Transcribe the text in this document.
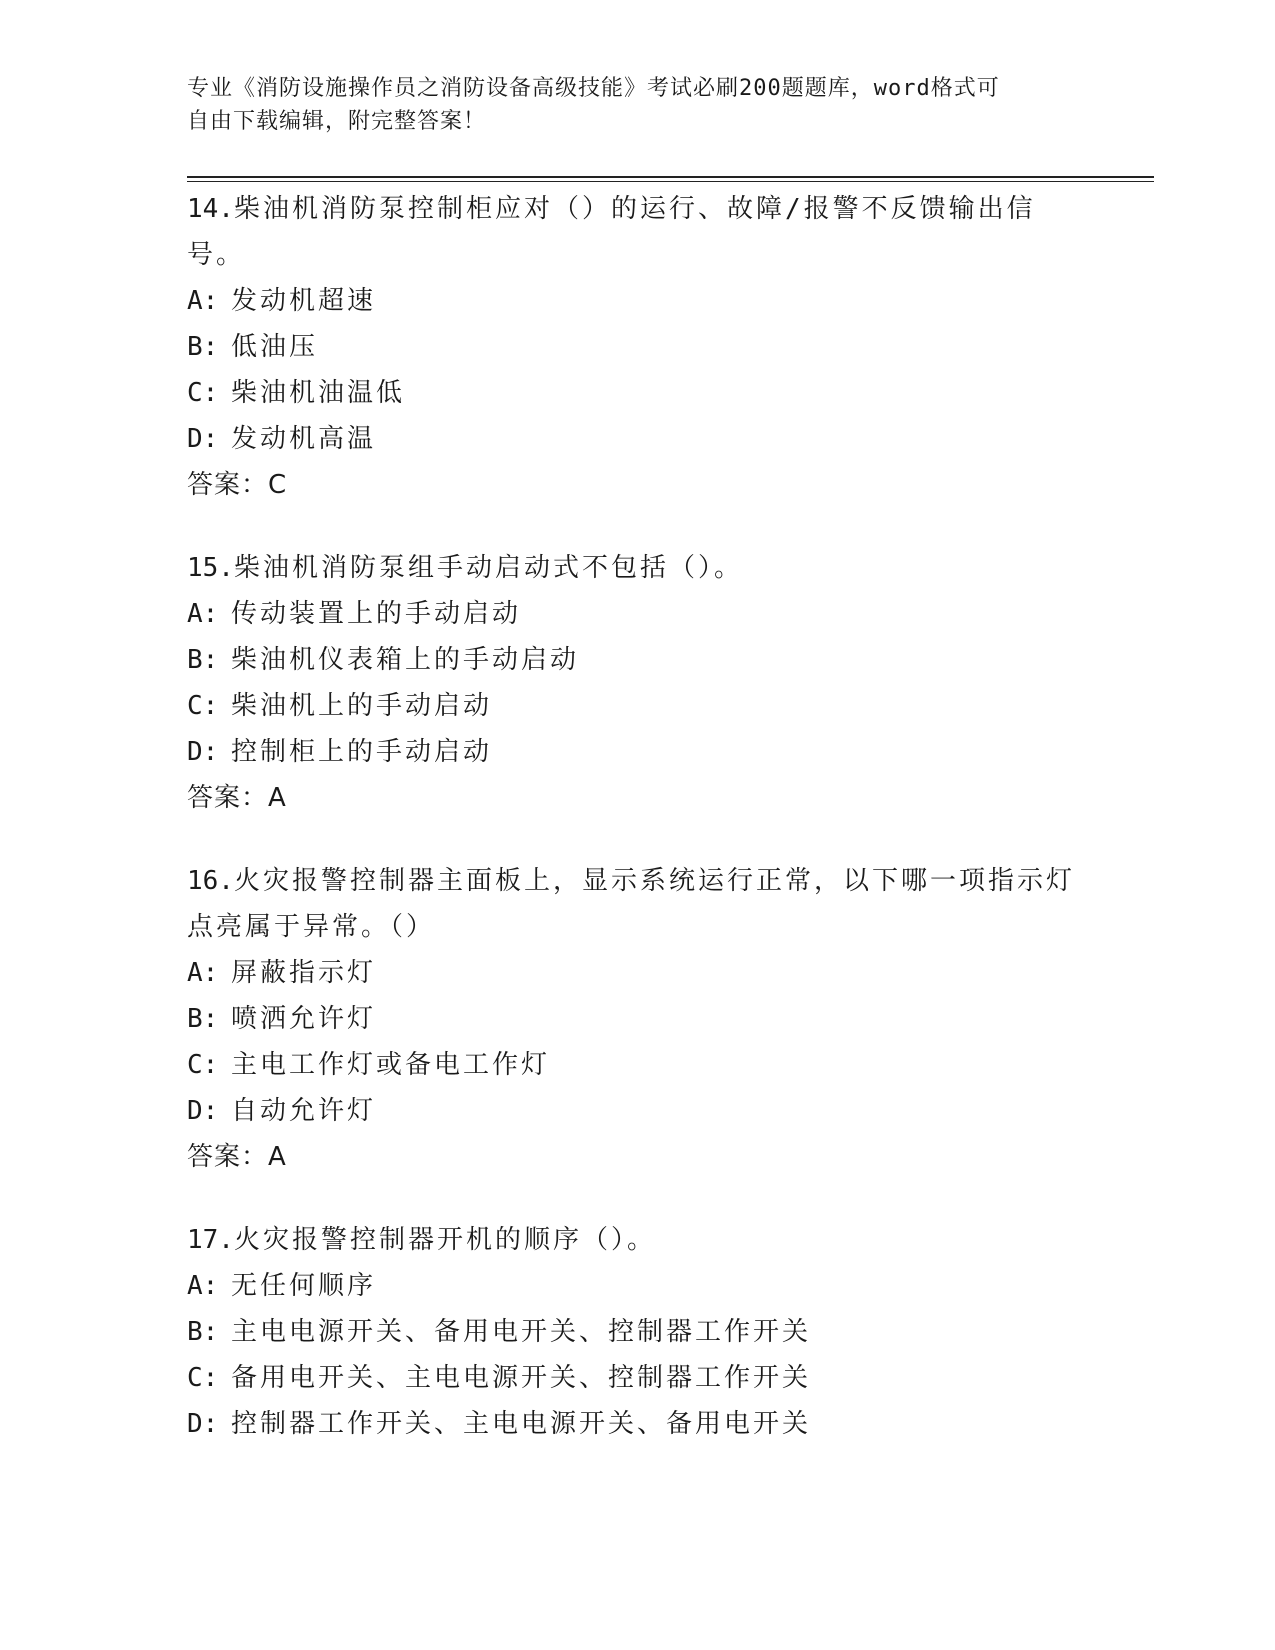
专业《消防设施操作员之消防设备高级技能》考试必刷200题题库，word格式可
自由下载编辑，附完整答案！
14.柴油机消防泵控制柜应对（）的运行、故障/报警不反馈输出信号。
A: 发动机超速
B: 低油压
C: 柴油机油温低
D: 发动机高温
答案：C
15.柴油机消防泵组手动启动式不包括（）。
A: 传动装置上的手动启动
B: 柴油机仪表箱上的手动启动
C: 柴油机上的手动启动
D: 控制柜上的手动启动
答案：A
16.火灾报警控制器主面板上，显示系统运行正常，以下哪一项指示灯点亮属于异常。（）
A: 屏蔽指示灯
B: 喷洒允许灯
C: 主电工作灯或备电工作灯
D: 自动允许灯
答案：A
17.火灾报警控制器开机的顺序（）。
A: 无任何顺序
B: 主电电源开关、备用电开关、控制器工作开关
C: 备用电开关、主电电源开关、控制器工作开关
D: 控制器工作开关、主电电源开关、备用电开关
